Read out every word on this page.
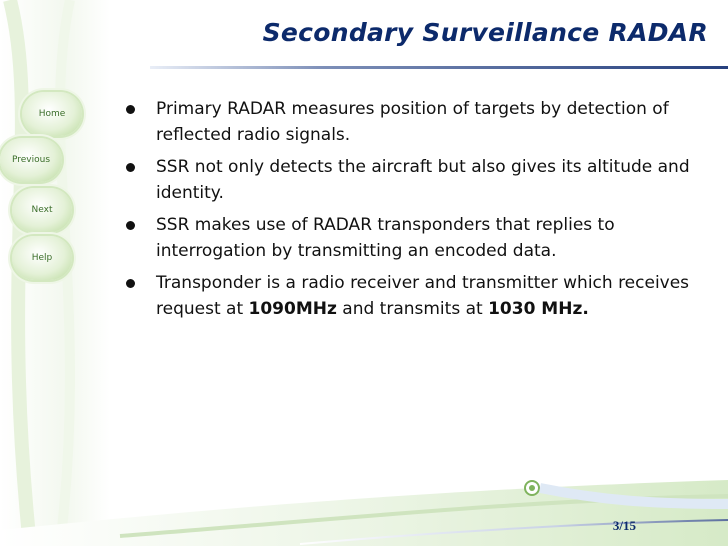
Home
Previous
Next
Help
Secondary Surveillance RADAR
Primary RADAR measures position of targets by detection of reflected radio signals.
SSR not only detects the aircraft but also gives its altitude and identity.
SSR makes use of RADAR transponders that replies to interrogation by transmitting an encoded data.
Transponder is a radio receiver and transmitter which receives request at 1090MHz and transmits at 1030 MHz.
3/15
